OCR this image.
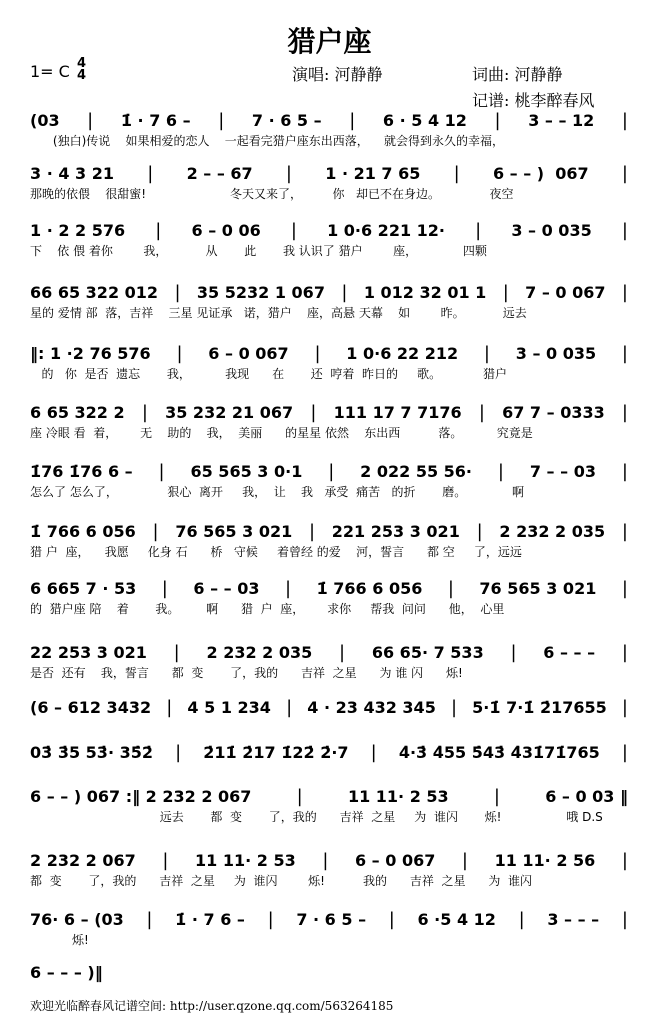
猎户座
1= C 4
4	演唱: 河静静	词曲: 河静静
记谱: 桃李醉春风
(03 | 1̇ · 7 6 – | 7 · 6 5 – | 6 · 5 4 12 | 3 – – 12 |
(独白)传说    如果相爱的恋人    一起看完猎户座东出西落，    就会得到永久的幸福，
3 · 4 3 21 | 2 – – 67 | 1 · 21 7 65 | 6 – – )  067 |
那晚的依偎    很甜蜜!                      冬天又来了，        你   却已不在身边。             夜空
1 · 2 2 576 | 6 – 0 06 | 1 0·6 221 12· | 3 – 0 035 |
下    依 偎 着你        我，          从       此       我 认识了 猎户        座，            四颗
66 65 322 012 | 35 5232 1 067 | 1 012 32 01 1 | 7 – 0 067 |
星的 爱情 部  落，吉祥    三星 见证承   诺，猎户    座，高悬 天幕    如        昨。          远去
‖: 1 ·2 76 576 | 6 – 0 067 | 1 0·6 22 212 | 3 – 0 035 |
的   你  是否  遗忘       我，         我现      在       还  哼着  昨日的     歌。           猎户
6 65 322 2 | 35 232 21 067 | 111 17 7 7176 | 67 7 – 0333 |
座 冷眼 看  着，      无    助的    我，  美丽      的星星 依然    东出西          落。         究竟是
1̇76 1̇76 6 – | 65 565 3 0·1 | 2 022 55 56· | 7 – – 03 |
怎么了 怎么了，             狠心  离开     我，  让    我   承受  痛苦   的折       磨。            啊
1̇ 766 6 056 | 76 565 3 021 | 221 253 3 021 | 2 232 2 035 |
猎 户  座，    我愿     化身 石      桥   守候     着曾经 的爱    河，誓言      都 空     了，远远
6 665 7 · 53 | 6 – – 03 | 1̇ 766 6 056 | 76 565 3 021 |
的  猎户座 陪    着       我。       啊      猎  户  座，      求你     帮我  问问      他，  心里
22 253 3 021 | 2 232 2 035 | 66 65· 7 533 | 6 – – – |
是否  还有    我，誓言      都  变       了，我的      吉祥  之星      为 谁 闪      烁!
(6 – 612 3432 | 4 5 1 234 | 4 · 23 432 345 | 5·1̇ 7·1̇ 2̇17655 |
03̇ 3̇5 53̇· 35̇2̇ | 2̇11̇ 2̇17 1̇22̇ 2̇·7 | 4̇·3̇ 4̇55 5̇43̇ 4̇31̇71̇765 |
6 – – ) 067 :‖ 2 232 2 067	|	11 11· 2 53	|	6 – 0 03 ‖
远去       都  变       了，我的      吉祥  之星     为  谁闪       烁!                 哦 D.S
2 232 2 067 | 11 11· 2 53 | 6 – 0 067 | 11 11· 2 56 |
都  变       了，我的      吉祥  之星     为  谁闪        烁!          我的      吉祥  之星      为  谁闪
76· 6 – (03 | 1̇ · 7 6 – | 7 · 6 5 – | 6 ·5 4 12 | 3 – – – |
烁!
6 – – – )‖
欢迎光临醉春风记谱空间: http://user.qzone.qq.com/563264185
